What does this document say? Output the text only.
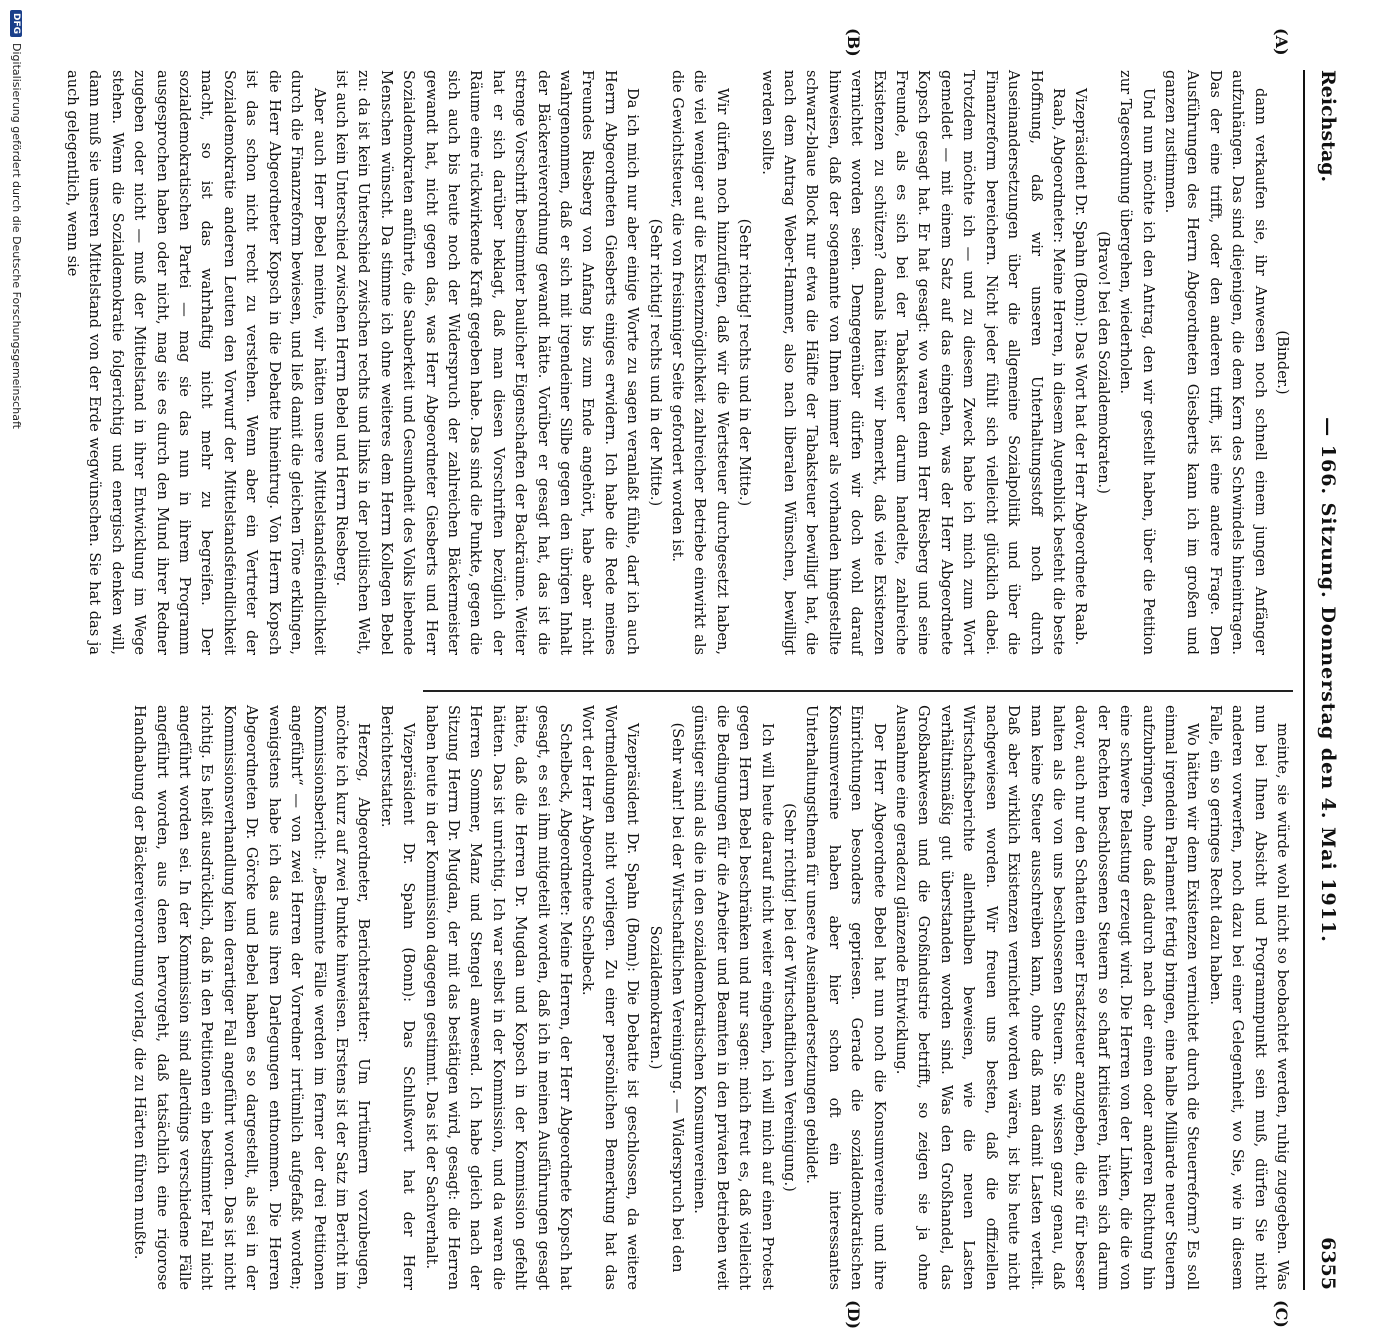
Reichstag.
— 166. Sitzung. Donnerstag den 4. Mai 1911.
6355
(A)
(B)
(C)
(D)

(Binder.)

dann verkaufen sie, ihr Anwesen noch schnell einem jungen Anfänger aufzuhängen. Das sind diejenigen, die dem Kern des Schwindels hineintragen. Das der eine trifft, oder den anderen trifft, ist eine andere Frage. Den Ausführungen des Herrn Abgeordneten Giesberts kann ich im großen und ganzen zustimmen.

Und nun möchte ich den Antrag, den wir gestellt haben, über die Petition zur Tagesordnung übergehen, wiederholen.

(Bravo! bei den Sozialdemokraten.)

Vizepräsident Dr. Spahn (Bonn): Das Wort hat der Herr Abgeordnete Raab.

Raab, Abgeordneter: Meine Herren, in diesem Augenblick besteht die beste Hoffnung, daß wir unseren Unterhaltungsstoff noch durch Auseinandersetzungen über die allgemeine Sozialpolitik und über die Finanzreform bereichern. Nicht jeder fühlt sich vielleicht glücklich dabei. Trotzdem möchte ich — und zu diesem Zweck habe ich mich zum Wort gemeldet — mit einem Satz auf das eingehen, was der Herr Abgeordnete Kopsch gesagt hat. Er hat gesagt: wo waren denn Herr Riesberg und seine Freunde, als es sich bei der Tabaksteuer darum handelte, zahlreiche Existenzen zu schützen? damals hätten wir bemerkt, daß viele Existenzen vernichtet worden seien. Demgegenüber dürfen wir doch wohl darauf hinweisen, daß der sogenannte von Ihnen immer als vorhanden hingestellte schwarz-blaue Block nur etwa die Hälfte der Tabaksteuer bewilligt hat, die nach dem Antrag Weber-Hammer, also nach liberalen Wünschen, bewilligt werden sollte.

(Sehr richtig! rechts und in der Mitte.)

Wir dürfen noch hinzufügen, daß wir die Wertsteuer durchgesetzt haben, die viel weniger auf die Existenzmöglichkeit zahlreicher Betriebe einwirkt als die Gewichtsteuer, die von freisinniger Seite gefordert worden ist.

(Sehr richtig! rechts und in der Mitte.)

Da ich mich nur aber einige Worte zu sagen veranlaßt fühle, darf ich auch Herrn Abgeordneten Giesberts einiges erwidern. Ich habe die Rede meines Freundes Riesberg von Anfang bis zum Ende angehört, habe aber nicht wahrgenommen, daß er sich mit irgendeiner Silbe gegen den übrigen Inhalt der Bäckereiverordnung gewandt hätte. Vorüber er gesagt hat, das ist die strenge Vorschrift bestimmter baulicher Eigenschaften der Backräume. Weiter hat er sich darüber beklagt, daß man diesen Vorschriften bezüglich der Räume eine rückwirkende Kraft gegeben habe. Das sind die Punkte, gegen die sich auch bis heute noch der Widerspruch der zahlreichen Bäckermeister gewandt hat, nicht gegen das, was Herr Abgeordneter Giesberts und Herr Sozialdemokraten anführte, die Sauberkeit und Gesundheit des Volks liebende Menschen wünscht. Da stimme ich ohne weiteres dem Herrn Kollegen Bebel zu: da ist kein Unterschied zwischen rechts und links in der politischen Welt, ist auch kein Unterschied zwischen Herrn Bebel und Herrn Riesberg.

Aber auch Herr Bebel meinte, wir hätten unsere Mittelstandsfeindlichkeit durch die Finanzreform bewiesen, und ließ damit die gleichen Töne erklingen, die Herr Abgeordneter Kopsch in die Debatte hineintrug. Von Herrn Kopsch ist das schon nicht recht zu verstehen. Wenn aber ein Vertreter der Sozialdemokratie anderen Leuten den Vorwurf der Mittelstandsfeindlichkeit macht, so ist das wahrhaftig nicht mehr zu begreifen. Der sozialdemokratischen Partei — mag sie das nun in ihrem Programm ausgesprochen haben oder nicht, mag sie es durch den Mund ihrer Redner zugeben oder nicht — muß der Mittelstand in ihrer Entwicklung im Wege stehen. Wenn die Sozialdemokratie folgerichtig und energisch denken will, dann muß sie unseren Mittelstand von der Erde wegwünschen. Sie hat das ja auch gelegentlich, wenn sie

meinte, sie würde wohl nicht so beobachtet werden, ruhig zugegeben. Was nun bei Ihnen Absicht und Programmpunkt sein muß, dürfen Sie nicht anderen vorwerfen, noch dazu bei einer Gelegenheit, wo Sie, wie in diesem Falle, ein so geringes Recht dazu haben.

Wo hätten wir denn Existenzen vernichtet durch die Steuerreform? Es soll einmal irgendein Parlament fertig bringen, eine halbe Milliarde neuer Steuern aufzubringen, ohne daß dadurch nach der einen oder anderen Richtung hin eine schwere Belastung erzeugt wird. Die Herren von der Linken, die die von der Rechten beschlossenen Steuern so scharf kritisieren, hüten sich darum davor, auch nur den Schatten einer Ersatzsteuer anzugeben, die sie für besser halten als die von uns beschlossenen Steuern. Sie wissen ganz genau, daß man keine Steuer ausschreiben kann, ohne daß man damit Lasten verteilt. Daß aber wirklich Existenzen vernichtet worden wären, ist bis heute nicht nachgewiesen worden. Wir freuen uns besten, daß die offiziellen Wirtschaftsberichte allenthalben beweisen, wie die neuen Lasten verhältnismäßig gut überstanden worden sind. Was den Großhandel, das Großbankwesen und die Großindustrie betrifft, so zeigen sie ja ohne Ausnahme eine geradezu glänzende Entwicklung.

Der Herr Abgeordnete Bebel hat nun noch die Konsumvereine und ihre Einrichtungen besonders gepriesen. Gerade die sozialdemokratischen Konsumvereine haben aber hier schon oft ein interessantes Unterhaltungsthema für unsere Auseinandersetzungen gebildet.

(Sehr richtig! bei der Wirtschaftlichen Vereinigung.)

Ich will heute darauf nicht weiter eingehen, ich will mich auf einen Protest gegen Herrn Bebel beschränken und nur sagen: mich freut es, daß vielleicht die Bedingungen für die Arbeiter und Beamten in den privaten Betrieben weit günstiger sind als die in den sozialdemokratischen Konsumvereinen.

(Sehr wahr! bei der Wirtschaftlichen Vereinigung. — Widerspruch bei den Sozialdemokraten.)

Vizepräsident Dr. Spahn (Bonn): Die Debatte ist geschlossen, da weitere Wortmeldungen nicht vorliegen. Zu einer persönlichen Bemerkung hat das Wort der Herr Abgeordnete Schelbeck.

Schelbeck, Abgeordneter: Meine Herren, der Herr Abgeordnete Kopsch hat gesagt, es sei ihm mitgeteilt worden, daß ich in meinen Ausführungen gesagt hätte, daß die Herren Dr. Mugdan und Kopsch in der Kommission gefehlt hätten. Das ist unrichtig. Ich war selbst in der Kommission, und da waren die Herren Sommer, Manz und Stengel anwesend. Ich habe gleich nach der Sitzung Herrn Dr. Mugdan, der mit das bestätigen wird, gesagt: die Herren haben heute in der Kommission dagegen gestimmt. Das ist der Sachverhalt.

Vizepräsident Dr. Spahn (Bonn): Das Schlußwort hat der Herr Berichterstatter.

Herzog, Abgeordneter, Berichterstatter: Um Irrtümern vorzubeugen, möchte ich kurz auf zwei Punkte hinweisen. Erstens ist der Satz im Bericht im Kommissionsbericht: „Bestimmte Fälle werden im ferner der drei Petitionen angeführt“ — von zwei Herren der Vorredner irrtümlich aufgefaßt worden; wenigstens habe ich das aus ihren Darlegungen entnommen. Die Herren Abgeordneten Dr. Görcke und Bebel haben es so dargestellt, als sei in der Kommissionsverhandlung kein derartiger Fall angeführt worden. Das ist nicht richtig. Es heißt ausdrücklich, daß in den Petitionen ein bestimmter Fall nicht angeführt worden sei. In der Kommission sind allerdings verschiedene Fälle angeführt worden, aus denen hervorgeht, daß tatsächlich eine rigorose Handhabung der Bäckereiverordnung vorlag, die zu Härten führen mußte.

DFG
Digitalisierung gefördert durch die Deutsche Forschungsgemeinschaft
